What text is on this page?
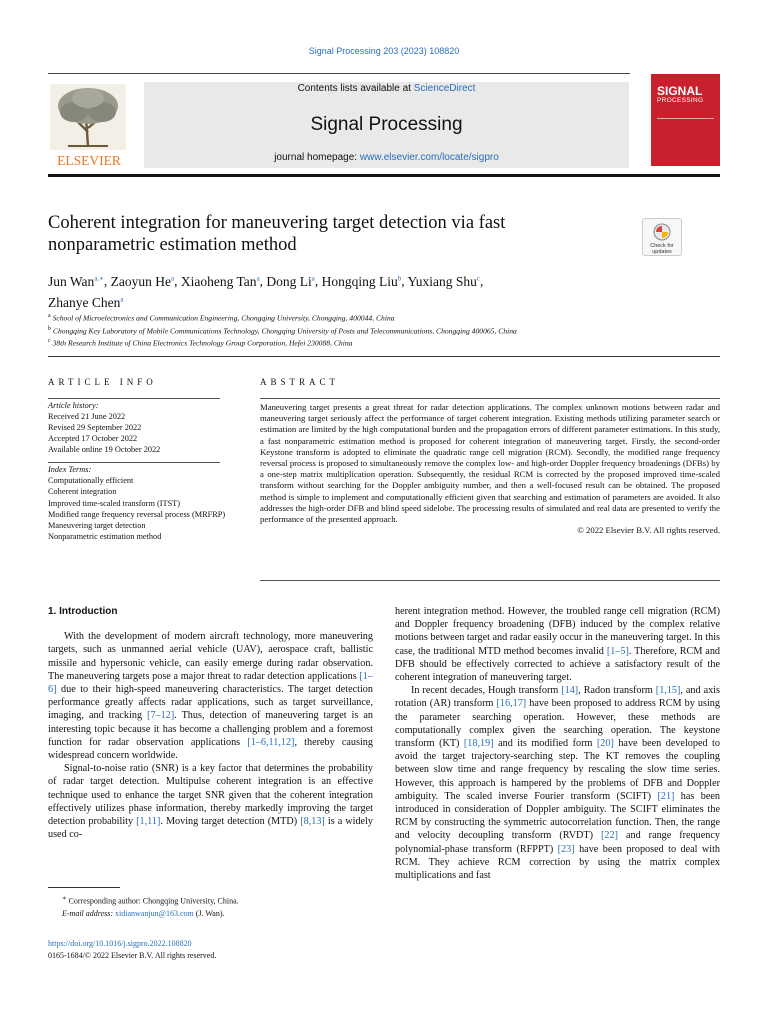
Signal Processing 203 (2023) 108820
ELSEVIER
Contents lists available at ScienceDirect
Signal Processing
journal homepage: www.elsevier.com/locate/sigpro
SIGNAL
PROCESSING
Coherent integration for maneuvering target detection via fast nonparametric estimation method	Check for
updates
Jun Wan$^{a,∗}$, Zaoyun He$^a$, Xiaoheng Tan$^a$, Dong Li$^a$, Hongqing Liu$^b$, Yuxiang Shu$^c$,
Zhanye Chen$^a$
$^a$ School of Microelectronics and Communication Engineering, Chongqing University, Chongqing, 400044, China
$^b$ Chongqing Key Laboratory of Mobile Communications Technology, Chongqing University of Posts and Telecommunications, Chongqing 400065, China
$^c$ 38th Research Institute of China Electronics Technology Group Corporation, Hefei 230088, China
ARTICLE INFO	ABSTRACT
Article history:
Received 21 June 2022
Revised 29 September 2022
Accepted 17 October 2022
Available online 19 October 2022
Index Terms:
Computationally efficient
Coherent integration
Improved time-scaled transform (ITST)
Modified range frequency reversal process (MRFRP)
Maneuvering target detection
Nonparametric estimation method
Maneuvering target presents a great threat for radar detection applications. The complex unknown motions between radar and maneuvering target seriously affect the performance of target coherent integration. Existing methods utilizing parameter search or estimation are limited by the high computational burden and the propagation errors of different parameter estimations. In this study, a fast nonparametric estimation method is proposed for coherent integration of maneuvering target. Firstly, the second-order Keystone transform is adopted to eliminate the quadratic range cell migration (RCM). Secondly, the modified range frequency reversal process is proposed to simultaneously remove the complex low- and high-order Doppler frequency broadenings (DFBs) by a one-step matrix multiplication operation. Subsequently, the residual RCM is corrected by the proposed improved time-scaled transform without searching for the Doppler ambiguity number, and then a well-focused result can be obtained. The proposed method is simple to implement and computationally efficient given that searching and estimation of parameters are avoided. It also addresses the high-order DFB and blind speed sidelobe. The processing results of simulated and real data are presented to verify the performance of the presented approach.
© 2022 Elsevier B.V. All rights reserved.
1. Introduction

With the development of modern aircraft technology, more maneuvering targets, such as unmanned aerial vehicle (UAV), aerospace craft, ballistic missile and hypersonic vehicle, can easily emerge during radar observation. The maneuvering targets pose a major threat to radar detection applications [1–6] due to their high-speed maneuvering characteristics. The target detection performance greatly affects radar applications, such as target surveillance, imaging, and tracking [7–12]. Thus, detection of maneuvering target is an interesting topic because it has become a challenging problem and a foremost function for radar observation applications [1–6,11,12], thereby causing widespread concern worldwide.

Signal-to-noise ratio (SNR) is a key factor that determines the probability of radar target detection. Multipulse coherent integration is an effective technique used to enhance the target SNR given that the coherent integration effectively utilizes phase information, thereby markedly improving the target detection probability [1,11]. Moving target detection (MTD) [8,13] is a widely used co-

herent integration method. However, the troubled range cell migration (RCM) and Doppler frequency broadening (DFB) induced by the complex relative motions between target and radar easily occur in the maneuvering target. In this case, the traditional MTD method becomes invalid [1–5]. Therefore, RCM and DFB should be effectively corrected to achieve a satisfactory result of the coherent integration of maneuvering target.

In recent decades, Hough transform [14], Radon transform [1,15], and axis rotation (AR) transform [16,17] have been proposed to address RCM by using the parameter searching operation. However, these methods are computationally complex given the searching operation. The keystone transform (KT) [18,19] and its modified form [20] have been developed to avoid the target trajectory-searching step. The KT removes the coupling between slow time and range frequency by rescaling the slow time series. However, this approach is hampered by the problems of DFB and Doppler ambiguity. The scaled inverse Fourier transform (SCIFT) [21] has been introduced in consideration of Doppler ambiguity. The SCIFT eliminates the RCM by constructing the symmetric autocorrelation function. Then, the range and velocity decoupling transform (RVDT) [22] and range frequency polynomial-phase transform (RFPPT) [23] have been proposed to deal with RCM. They achieve RCM correction by using the matrix complex multiplications and fast

∗ Corresponding author: Chongqing University, China.
E-mail address: xidianwanjun@163.com (J. Wan).
https://doi.org/10.1016/j.sigpro.2022.108820
0165-1684/© 2022 Elsevier B.V. All rights reserved.
